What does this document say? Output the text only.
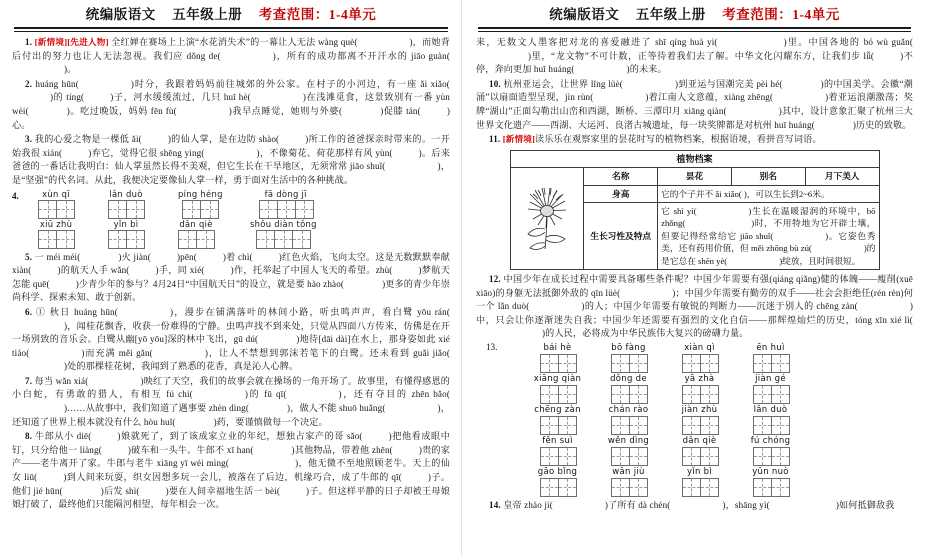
统编版语文 五年级上册 考查范围：1-4单元
1. [新情境][先进人物] 全红婵在赛场上上演“水花消失术”的一幕让人无法 wàng què(	)，而她背后付出的努力也让人无法忽视。我们应 dǒng de(	)，所有的成功都离不开汗水的 jiāo guàn()。
2. huáng hūn(	)时分，我跟着妈妈前往城郊的外公家。在村子的小河边，有一座 ǎi xiǎo()的 tíng(	)子，河水缓缓流过，几只 huī hè(	)在浅滩觅食，这景致别有一番 yùn wèi(	)。吃过晚饭，妈妈 fēn fù(	)我早点睡觉，她则与外婆(	)促膝 tán(	)心。
3. 我的心爱之物是一棵低 ǎi(	)的仙人掌，是在边防 shào(	)所工作的爸爸探亲时带来的。一开始我很 xián(	)弃它，觉得它很 shēng yìng(	)，不像菊花、荷花那样有风 yùn(	)。后来爸爸的一番话让我明白：仙人掌虽然长得不美观，但它生长在干旱地区，无须常常 jiāo shuǐ(	)，是“坚强”的代名词。从此，我便决定要像仙人掌一样，勇于面对生活中的各种挑战。
4.	xùn qī	lǎn duò	píng héng	fā dòng jī
xiū zhù	yǐn bì	dǎn qiè	shǒu diàn tǒng
5. 一 méi méi(	)火 jiàn(	)pēn(	)着 chì(	)红色火焰，飞向太空。这是无数默默奉献 xiàn(	)的航天人手 wǎn(	)手，同 xié(	)作，托举起了中国人飞天的希望。zhù(	)梦航天怎能 quē(	)少青少年的参与？4月24日“中国航天日”的设立，就是要 hào zhào(	)更多的青少年崇尚科学、探索未知、敢于创新。
6. ① 秋日 huáng hūn(	)，漫步在铺满落叶的林间小路，听虫鸣声声，看白鹭 yōu rán()，闻桂花飘香，收获一份难得的宁静。虫鸣声找不到来处，只觉从四面八方传来，仿佛是在开一场别致的音乐会。白鹭从幽[yō yōu]深的林中飞出，gū dú(	)地待[dāi dài]在水上，那身姿如此 xié tiáo(	)而充满 měi gǎn(	)，让人不禁想到郭沫若笔下的白鹭。还未看到 guǎi jiǎo()处的那棵桂花树，我闻到了熟悉的花香，真是沁人心脾。
7. 每当 wǎn xiá(	)映红了天空，我们的故事会就在操场的一角开场了。故事里，有懂得感恩的小白蛇，有勇敢的猎人，有相互 fú chí(	)的 fū qī(	)，还有夺目的 zhēn bǎo()……从故事中，我们知道了遇事要 zhèn dìng(	)，做人不能 shuō huǎng(	)，还知道了世界上根本就没有什么 hòu huǐ(	)药，要谨慎做每一个决定。
8. 牛郎从小 diē(	)娘就死了，到了该成家立业的年纪，想独占家产的哥 sǎo(	)把他看成眼中钉，只分给他一 liàng(	)破车和一头牛。牛郎不 xī han(	)其他物品，带着他 zhēn(	)贵的家产——老牛离开了家。牛郎与老牛 xiāng yī wéi mìng(	)，他无微不至地照顾老牛。天上的仙女 liū(	)到人间来玩耍，织女因想多玩一会儿，被落在了后边，机缘巧合，成了牛郎的 qī(	)子。他们 jié hūn(	)后发 shì(	)要在人间幸福地生活一 bèi(	)子。但这样平静的日子却被王母娘娘打破了，最终他们只能隔河相望，每年相会一次。
统编版语文 五年级上册 考查范围：1-4单元
来，无数文人墨客把对龙的喜爱融进了 shī qíng huà yì(	)里。中国各地的 bó wù guǎn()里，“龙文物”不可计数，正等待着我们去了解。中华文化闪耀东方，让我们步 lǚ(	)不停，奔向更加 huī huáng(	)的未来。
10. 杭州亚运会，让世界 lǐng lüè(	)到亚运与国潮完美 pèi hé(	)的中国美学。会徽“潮涌”以扇面造型呈现，jìn rùn(	)着江南人文意蕴，xiàng zhēng(	)着亚运浪潮激荡；奖牌“湖山”正面勾勒出山峦和西湖，断桥、三潭印月 xiāng qiàn(	)其中，设计意象汇聚了杭州三大世界文化遗产——西湖、大运河、良渚古城遗址，每一块奖牌都是对杭州 huī huáng(	)历史的致敬。
11. [新情境]读乐乐在观察家里的昙花时写的植物档案，根据语境，看拼音写词语。
植物档案				

	名称	昙花	别名	月下美人
	身高	它的个子并不 ǎi xiǎo( )，可以生长到2~6米。		
	生长习性及特点	它 shì yí( )生长在温暖湿润的环境中，bō zhǒng( )时，不用特地为它开辟土壤，但要记得经常给它 jiāo shuǐ( )。它姿色秀美，还有药用价值，但 měi zhōng bù zú( )的是它总在 shēn yè( )绽放，且时间很短。		
12. 中国少年在成长过程中需要具备哪些条件呢？中国少年需要有强(qiáng qiǎng)健的体魄——瘦削(xuē xiāo)的身躯无法抵御外敌的 qīn lüè(	)；中国少年需要有勤劳的双手——社会会拒绝任(rén rèn)何一个 lǎn duò(	)的人；中国少年需要有敏锐的判断力——沉迷于别人的 chēng zàn(	)中，只会让你逐渐迷失自我；中国少年还需要有强烈的文化自信——那辉煌灿烂的历史，tóng xīn xié lì()的人民，必将成为中华民族伟大复兴的磅礴力量。
13.	bái hè	bō fàng	xiàn qì	ēn huì
xiāng qiàn	dǒng de	yā zhà	jiàn gé
chēng zàn	chán rào	jiàn zhù	lǎn duò
fěn suì	wěn dìng	dǎn qiè	fú chóng
gāo bǐng	wǎn jiù	yǐn bì	yǔn nuò
14. 皇帝 zhào jí(	)了所有 dà chén(	)，shāng yì(	)如何抵御敌我
